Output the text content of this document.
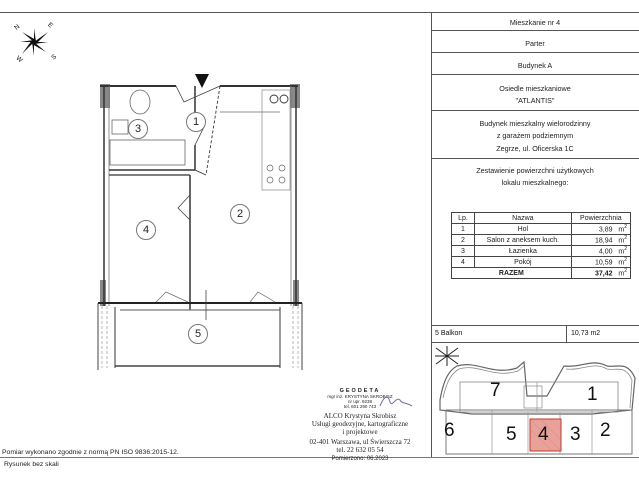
Mieszkanie nr 4
Parter
Budynek A
Osiedle mieszkaniowe
"ATLANTIS"
Budynek mieszkalny wielorodzinny
z garażem podziemnym
Zegrze, ul. Oficerska 1C
Zestawienie powierzchni użytkowych
lokalu mieszkalnego:
Lp.	Nazwa	Powierzchnia
1	Hol	3,89 $m^2$
2	Salon z aneksem kuch.	18,94 $m^2$
3	Łazienka	4,00 $m^2$
4	Pokój	10,59 $m^2$
RAZEM		37,42 $m^2$
5 Balkon	10,73 m2
7	1
6	5 4 3 2
N	E
S
W
1
2
3
4
5
GEODETA
mgr inż. KRYSTYNA SKROBISZ
nr upr. 9238
tel. 601 290 743
ALCO Krystyna Skrobisz
Usługi geodezyjne, kartograficzne
i projektowe
02-401 Warszawa, ul Świerszcza 72
tel. 22 632 05 54
Pomierzono: 06.2023
Pomiar wykonano zgodnie z normą PN ISO 9836:2015-12.
Rysunek bez skali
